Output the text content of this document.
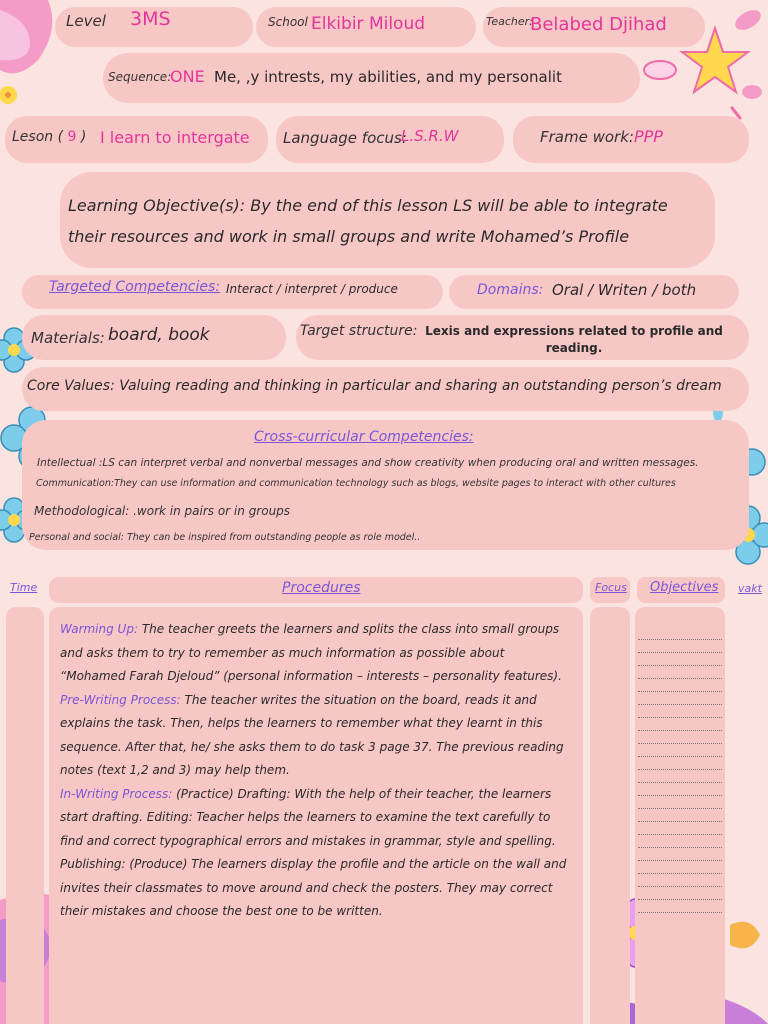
Level 3MS	School :
Elkibir Miloud	Teacher:
Belabed Djihad
Sequence:
ONE Me, ,y intrests, my abilities, and my personalit
Leson ( 9 ) I learn to intergate Language focus:
L.S.R.W	Frame work: PPP
Learning Objective(s): By the end of this lesson LS will be able to integrate their resources and work in small groups and write Mohamed’s Profile
Targeted Competencies: Interact / interpret / produce	Domains: Oral / Writen / both
Materials: board, book	Target structure: Lexis and expressions related to profile and reading.
Core Values: Valuing reading and thinking in particular and sharing an outstanding person’s dream
Cross-curricular Competencies:
Intellectual :LS can interpret verbal and nonverbal messages and show creativity when producing oral and written messages.
Communication:They can use information and communication technology such as blogs, website pages to interact with other cultures
Methodological: .work in pairs or in groups
Personal and social: They can be inspired from outstanding people as role model..
Time	Procedures	Focus Objectives vakt
Warming Up: The teacher greets the learners and splits the class into small groups and asks them to try to remember as much information as possible about “Mohamed Farah Djeloud” (personal information – interests – personality features).
Pre-Writing Process: The teacher writes the situation on the board, reads it and explains the task. Then, helps the learners to remember what they learnt in this sequence. After that, he/ she asks them to do task 3 page 37. The previous reading notes (text 1,2 and 3) may help them.
In-Writing Process: (Practice) Drafting: With the help of their teacher, the learners start drafting. Editing: Teacher helps the learners to examine the text carefully to find and correct typographical errors and mistakes in grammar, style and spelling. Publishing: (Produce) The learners display the profile and the article on the wall and invites their classmates to move around and check the posters. They may correct their mistakes and choose the best one to be written.
